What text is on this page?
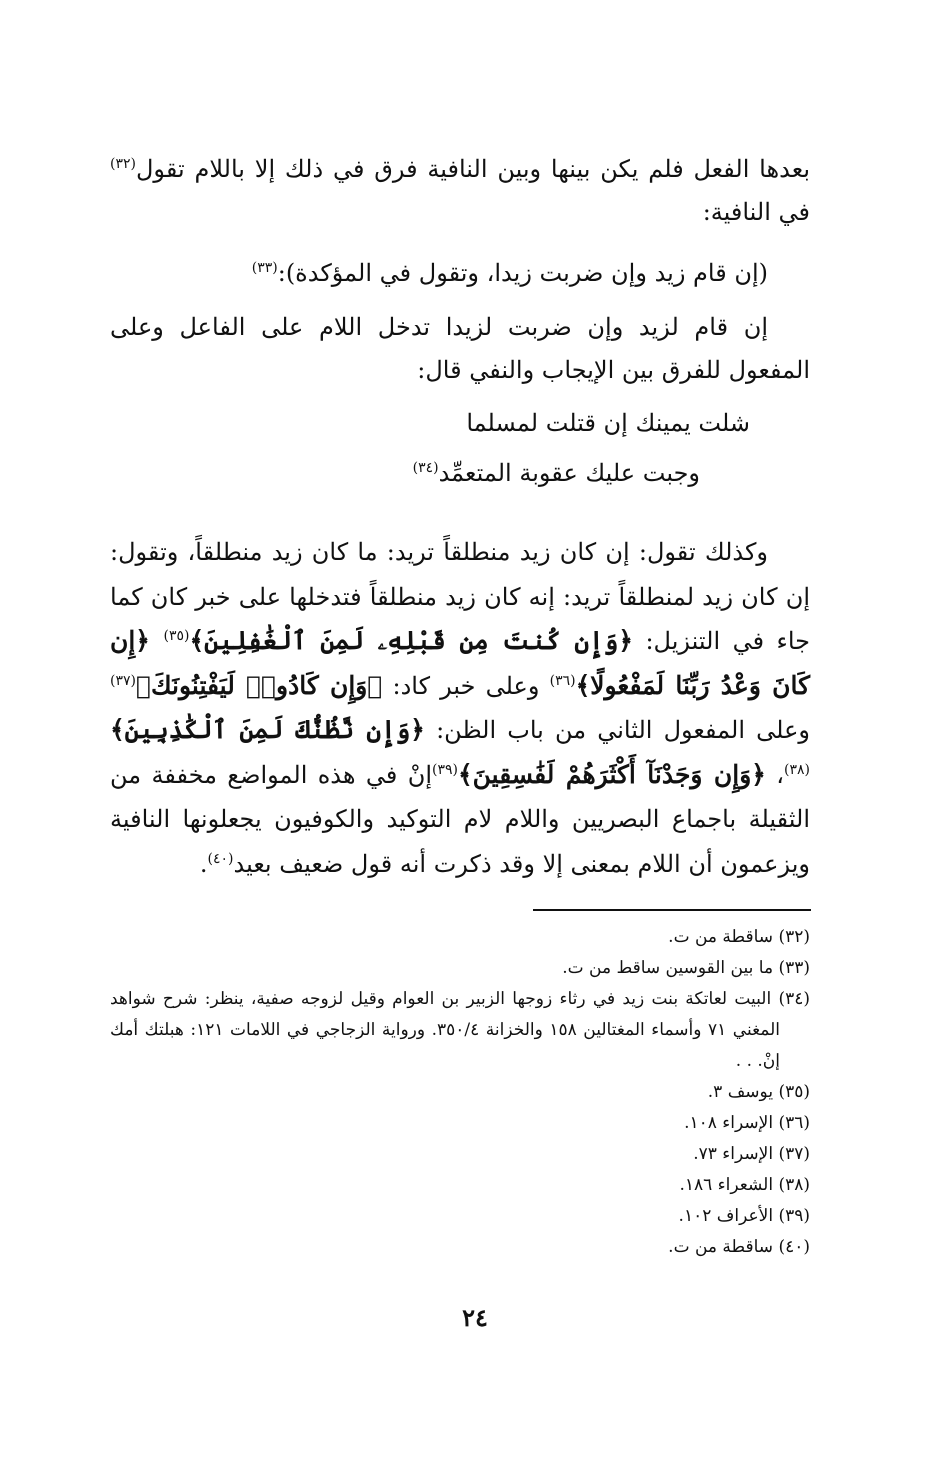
بعدها الفعل فلم يكن بينها وبين النافية فرق في ذلك إلا باللام تقول$^{(٣٢)}$ في النافية:
(إن قام زيد وإن ضربت زيدا، وتقول في المؤكدة):$^{(٣٣)}$
إن قام لزيد وإن ضربت لزيدا تدخل اللام على الفاعل وعلى المفعول للفرق بين الإيجاب والنفي قال:
شلت يمينك إن قتلت لمسلما
وجبت عليك عقوبة المتعمِّد$^{(٣٤)}$
وكذلك تقول: إن كان زيد منطلقاً تريد: ما كان زيد منطلقاً، وتقول: إن كان زيد لمنطلقاً تريد: إنه كان زيد منطلقاً فتدخلها على خبر كان كما جاء في التنزيل: ﴿وَإِن كُنتَ مِن قَبْلِهِۦ لَمِنَ ٱلْغَٰفِلِينَ﴾$^{(٣٥)}$ ﴿إِن كَانَ وَعْدُ رَبِّنَا لَمَفْعُولًا﴾$^{(٣٦)}$ وعلى خبر كاد: ﴿وَإِن كَادُوا۟ لَيَفْتِنُونَكَ﴾$^{(٣٧)}$ وعلى المفعول الثاني من باب الظن: ﴿وَإِن نَّظُنُّكَ لَمِنَ ٱلْكَٰذِبِينَ﴾$^{(٣٨)}$، ﴿وَإِن وَجَدْنَآ أَكْثَرَهُمْ لَفَٰسِقِينَ﴾$^{(٣٩)}$إنْ في هذه المواضع مخففة من الثقيلة باجماع البصريين واللام لام التوكيد والكوفيون يجعلونها النافية ويزعمون أن اللام بمعنى إلا وقد ذكرت أنه قول ضعيف بعيد$^{(٤٠)}$.
(٣٢) ساقطة من ت.
(٣٣) ما بين القوسين ساقط من ت.
(٣٤) البيت لعاتكة بنت زيد في رثاء زوجها الزبير بن العوام وقيل لزوجه صفية، ينظر: شرح شواهد المغني ٧١ وأسماء المغتالين ١٥٨ والخزانة ٣٥٠/٤. ورواية الزجاجي في اللامات ١٢١: هبلتك أمك إنْ. . .
(٣٥) يوسف ٣.
(٣٦) الإسراء ١٠٨.
(٣٧) الإسراء ٧٣.
(٣٨) الشعراء ١٨٦.
(٣٩) الأعراف ١٠٢.
(٤٠) ساقطة من ت.
٢٤
